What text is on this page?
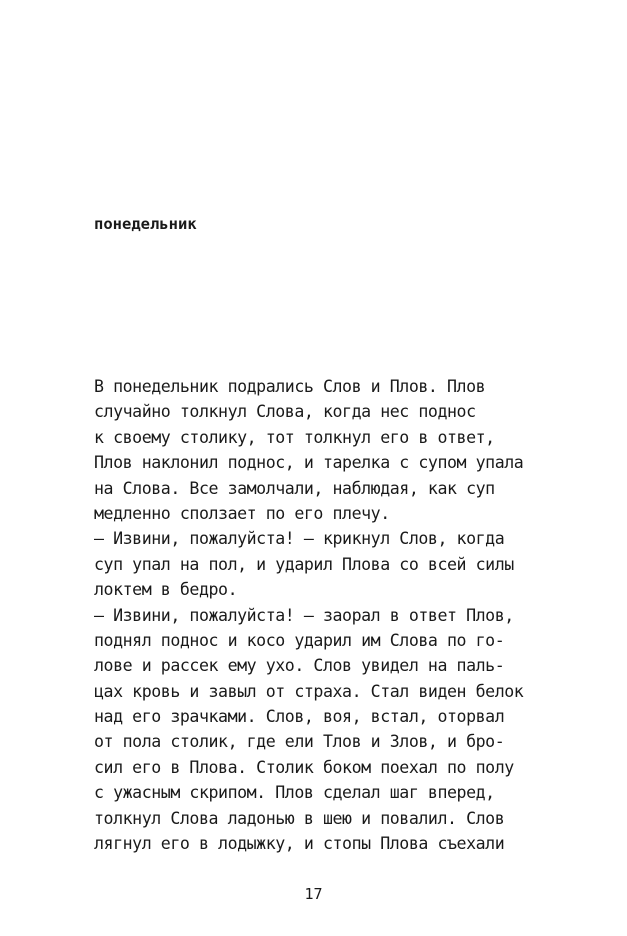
понедельник
В понедельник подрались Слов и Плов. Плов
случайно толкнул Слова, когда нес поднос
к своему столику, тот толкнул его в ответ,
Плов наклонил поднос, и тарелка с супом упала
на Слова. Все замолчали, наблюдая, как суп
медленно сползает по его плечу.
— Извини, пожалуйста! — крикнул Слов, когда
суп упал на пол, и ударил Плова со всей силы
локтем в бедро.
— Извини, пожалуйста! — заорал в ответ Плов,
поднял поднос и косо ударил им Слова по го-
лове и рассек ему ухо. Слов увидел на паль-
цах кровь и завыл от страха. Стал виден белок
над его зрачками. Слов, воя, встал, оторвал
от пола столик, где ели Тлов и Злов, и бро-
сил его в Плова. Столик боком поехал по полу
с ужасным скрипом. Плов сделал шаг вперед,
толкнул Слова ладонью в шею и повалил. Слов
лягнул его в лодыжку, и стопы Плова съехали
17
